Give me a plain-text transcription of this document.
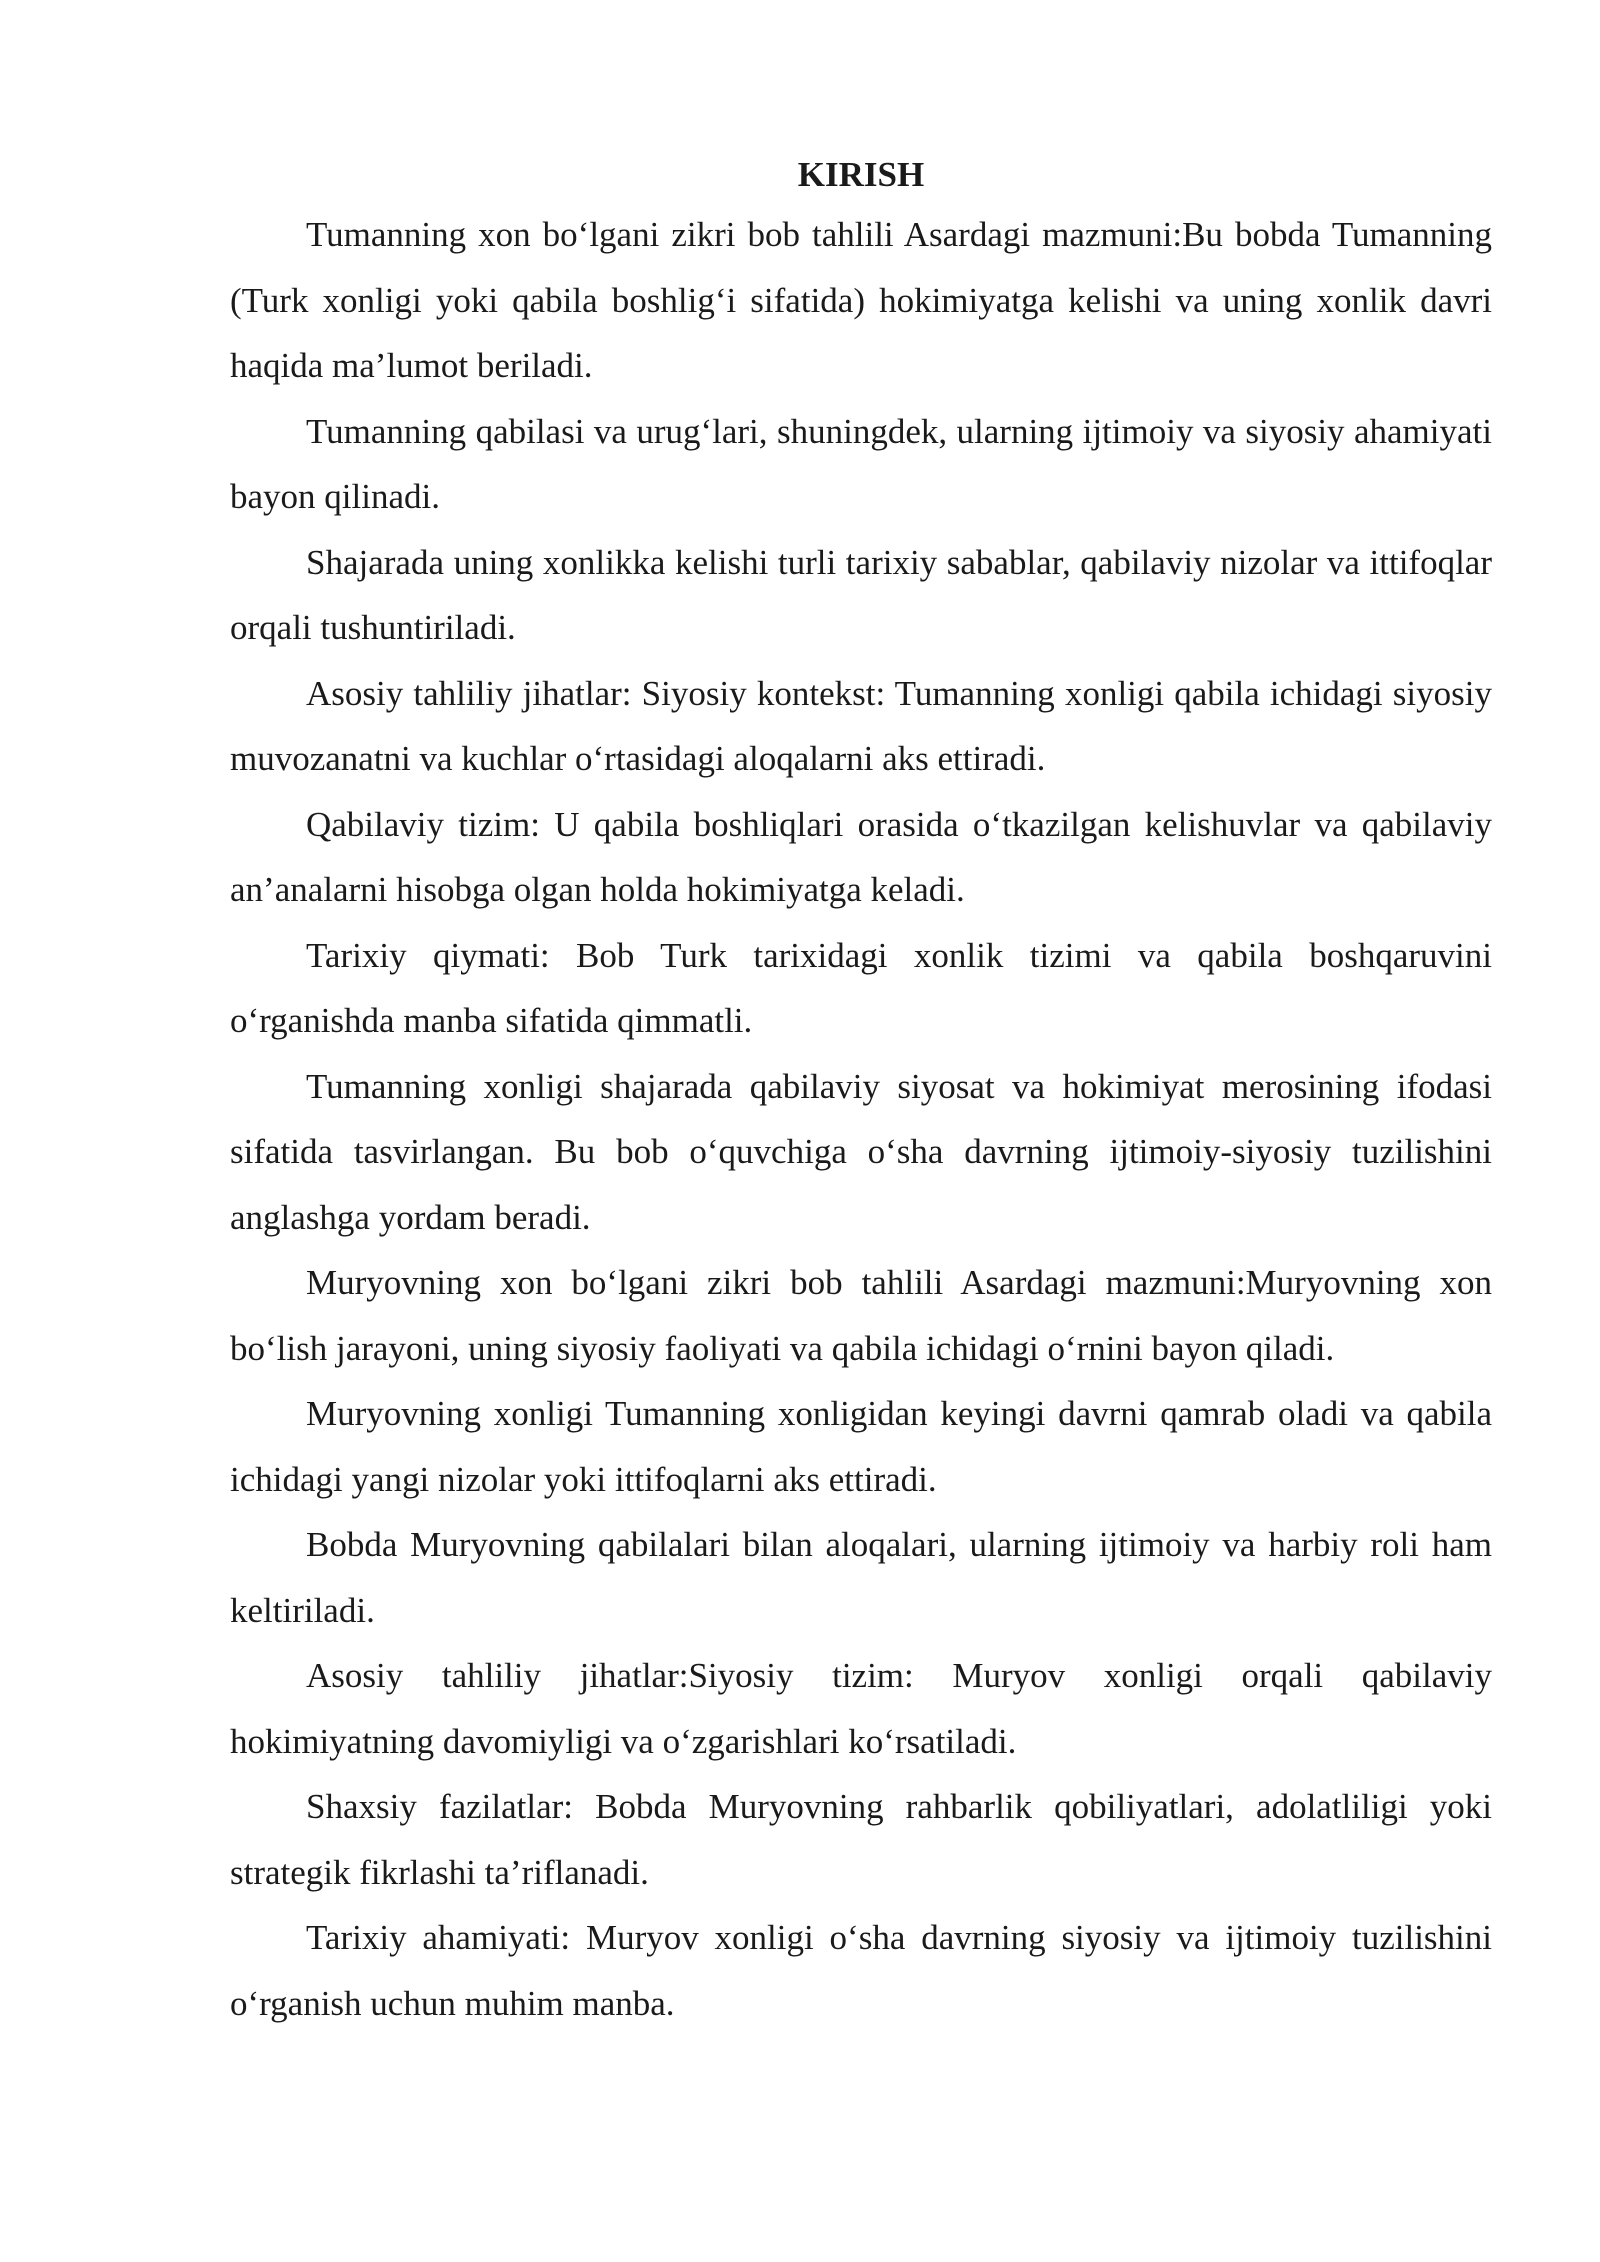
KIRISH

Tumanning xon bo‘lgani zikri bob tahlili Asardagi mazmuni:Bu bobda Tumanning (Turk xonligi yoki qabila boshlig‘i sifatida) hokimiyatga kelishi va uning xonlik davri haqida ma’lumot beriladi.

Tumanning qabilasi va urug‘lari, shuningdek, ularning ijtimoiy va siyosiy ahamiyati bayon qilinadi.

Shajarada uning xonlikka kelishi turli tarixiy sabablar, qabilaviy nizolar va ittifoqlar orqali tushuntiriladi.

Asosiy tahliliy jihatlar: Siyosiy kontekst: Tumanning xonligi qabila ichidagi siyosiy muvozanatni va kuchlar o‘rtasidagi aloqalarni aks ettiradi.

Qabilaviy tizim: U qabila boshliqlari orasida o‘tkazilgan kelishuvlar va qabilaviy an’analarni hisobga olgan holda hokimiyatga keladi.

Tarixiy qiymati: Bob Turk tarixidagi xonlik tizimi va qabila boshqaruvini o‘rganishda manba sifatida qimmatli.

Tumanning xonligi shajarada qabilaviy siyosat va hokimiyat merosining ifodasi sifatida tasvirlangan. Bu bob o‘quvchiga o‘sha davrning ijtimoiy-siyosiy tuzilishini anglashga yordam beradi.

Muryovning xon bo‘lgani zikri bob tahlili Asardagi mazmuni:Muryovning xon bo‘lish jarayoni, uning siyosiy faoliyati va qabila ichidagi o‘rnini bayon qiladi.

Muryovning xonligi Tumanning xonligidan keyingi davrni qamrab oladi va qabila ichidagi yangi nizolar yoki ittifoqlarni aks ettiradi.

Bobda Muryovning qabilalari bilan aloqalari, ularning ijtimoiy va harbiy roli ham keltiriladi.

Asosiy tahliliy jihatlar:Siyosiy tizim: Muryov xonligi orqali qabilaviy hokimiyatning davomiyligi va o‘zgarishlari ko‘rsatiladi.

Shaxsiy fazilatlar: Bobda Muryovning rahbarlik qobiliyatlari, adolatliligi yoki strategik fikrlashi ta’riflanadi.

Tarixiy ahamiyati: Muryov xonligi o‘sha davrning siyosiy va ijtimoiy tuzilishini o‘rganish uchun muhim manba.
